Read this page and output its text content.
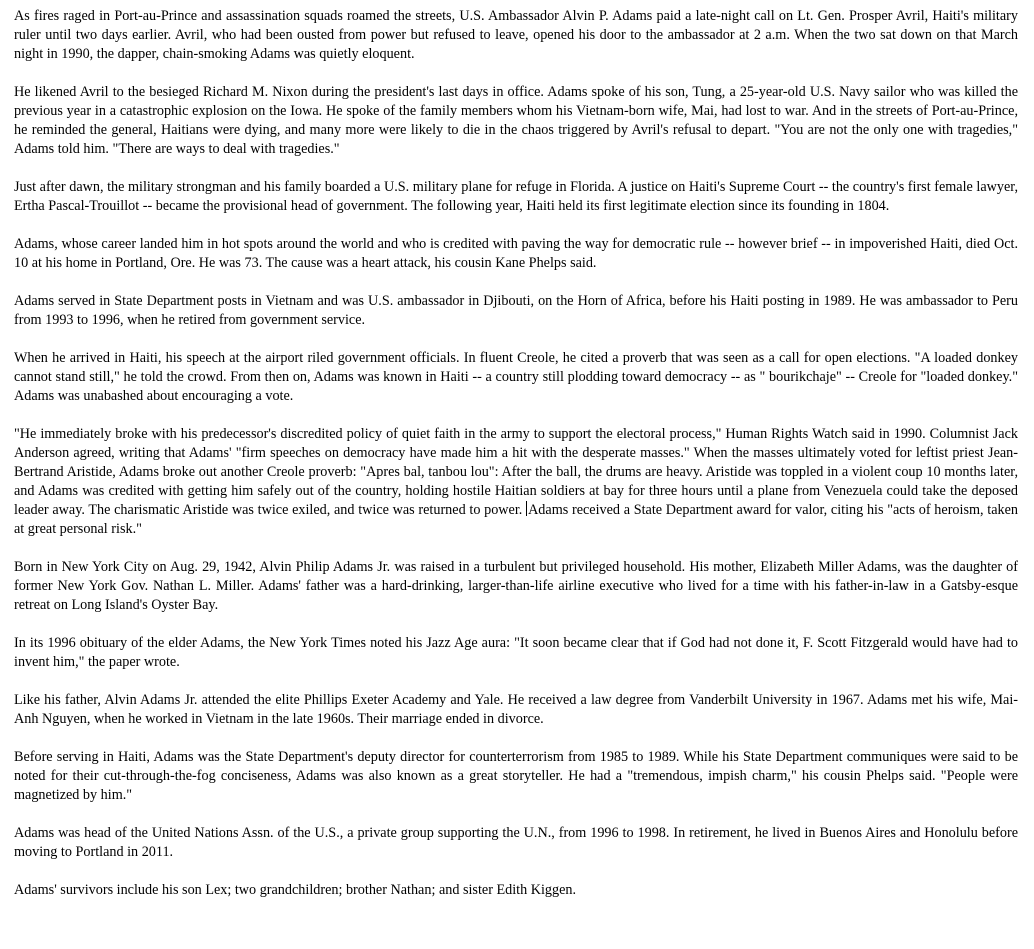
As fires raged in Port-au-Prince and assassination squads roamed the streets, U.S. Ambassador Alvin P. Adams paid a late-night call on Lt. Gen. Prosper Avril, Haiti's military ruler until two days earlier. Avril, who had been ousted from power but refused to leave, opened his door to the ambassador at 2 a.m. When the two sat down on that March night in 1990, the dapper, chain-smoking Adams was quietly eloquent.

He likened Avril to the besieged Richard M. Nixon during the president's last days in office. Adams spoke of his son, Tung, a 25-year-old U.S. Navy sailor who was killed the previous year in a catastrophic explosion on the Iowa. He spoke of the family members whom his Vietnam-born wife, Mai, had lost to war. And in the streets of Port-au-Prince, he reminded the general, Haitians were dying, and many more were likely to die in the chaos triggered by Avril's refusal to depart. "You are not the only one with tragedies," Adams told him. "There are ways to deal with tragedies."

Just after dawn, the military strongman and his family boarded a U.S. military plane for refuge in Florida. A justice on Haiti's Supreme Court -- the country's first female lawyer, Ertha Pascal-Trouillot -- became the provisional head of government. The following year, Haiti held its first legitimate election since its founding in 1804.

Adams, whose career landed him in hot spots around the world and who is credited with paving the way for democratic rule -- however brief -- in impoverished Haiti, died Oct. 10 at his home in Portland, Ore. He was 73. The cause was a heart attack, his cousin Kane Phelps said.

Adams served in State Department posts in Vietnam and was U.S. ambassador in Djibouti, on the Horn of Africa, before his Haiti posting in 1989. He was ambassador to Peru from 1993 to 1996, when he retired from government service.

When he arrived in Haiti, his speech at the airport riled government officials. In fluent Creole, he cited a proverb that was seen as a call for open elections. "A loaded donkey cannot stand still," he told the crowd. From then on, Adams was known in Haiti -- a country still plodding toward democracy -- as " bourikchaje" -- Creole for "loaded donkey." Adams was unabashed about encouraging a vote.

"He immediately broke with his predecessor's discredited policy of quiet faith in the army to support the electoral process," Human Rights Watch said in 1990. Columnist Jack Anderson agreed, writing that Adams' "firm speeches on democracy have made him a hit with the desperate masses." When the masses ultimately voted for leftist priest Jean-Bertrand Aristide, Adams broke out another Creole proverb: "Apres bal, tanbou lou": After the ball, the drums are heavy. Aristide was toppled in a violent coup 10 months later, and Adams was credited with getting him safely out of the country, holding hostile Haitian soldiers at bay for three hours until a plane from Venezuela could take the deposed leader away. The charismatic Aristide was twice exiled, and twice was returned to power. Adams received a State Department award for valor, citing his "acts of heroism, taken at great personal risk."

Born in New York City on Aug. 29, 1942, Alvin Philip Adams Jr. was raised in a turbulent but privileged household. His mother, Elizabeth Miller Adams, was the daughter of former New York Gov. Nathan L. Miller. Adams' father was a hard-drinking, larger-than-life airline executive who lived for a time with his father-in-law in a Gatsby-esque retreat on Long Island's Oyster Bay.

In its 1996 obituary of the elder Adams, the New York Times noted his Jazz Age aura: "It soon became clear that if God had not done it, F. Scott Fitzgerald would have had to invent him," the paper wrote.

Like his father, Alvin Adams Jr. attended the elite Phillips Exeter Academy and Yale. He received a law degree from Vanderbilt University in 1967. Adams met his wife, Mai-Anh Nguyen, when he worked in Vietnam in the late 1960s. Their marriage ended in divorce.

Before serving in Haiti, Adams was the State Department's deputy director for counterterrorism from 1985 to 1989. While his State Department communiques were said to be noted for their cut-through-the-fog conciseness, Adams was also known as a great storyteller. He had a "tremendous, impish charm," his cousin Phelps said. "People were magnetized by him."

Adams was head of the United Nations Assn. of the U.S., a private group supporting the U.N., from 1996 to 1998. In retirement, he lived in Buenos Aires and Honolulu before moving to Portland in 2011.

Adams' survivors include his son Lex; two grandchildren; brother Nathan; and sister Edith Kiggen.
